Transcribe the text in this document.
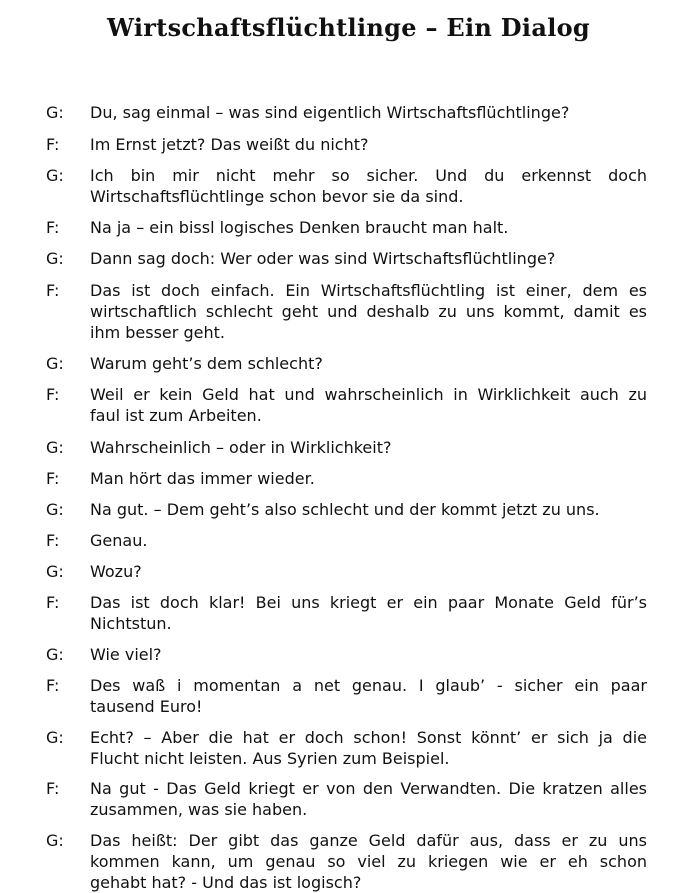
Wirtschaftsflüchtlinge – Ein Dialog
G:	Du, sag einmal – was sind eigentlich Wirtschaftsflüchtlinge?
F:	Im Ernst jetzt? Das weißt du nicht?
G:	Ich bin mir nicht mehr so sicher. Und du erkennst doch
Wirtschaftsflüchtlinge schon bevor sie da sind.
F:	Na ja – ein bissl logisches Denken braucht man halt.
G:	Dann sag doch: Wer oder was sind Wirtschaftsflüchtlinge?
F:	Das ist doch einfach. Ein Wirtschaftsflüchtling ist einer, dem es
wirtschaftlich schlecht geht und deshalb zu uns kommt, damit es
ihm besser geht.
G:	Warum geht’s dem schlecht?
F:	Weil er kein Geld hat und wahrscheinlich in Wirklichkeit auch zu
faul ist zum Arbeiten.
G:	Wahrscheinlich – oder in Wirklichkeit?
F:	Man hört das immer wieder.
G:	Na gut. – Dem geht’s also schlecht und der kommt jetzt zu uns.
F:	Genau.
G:	Wozu?
F:	Das ist doch klar! Bei uns kriegt er ein paar Monate Geld für’s
Nichtstun.
G:	Wie viel?
F:	Des waß i momentan a net genau. I glaub’ - sicher ein paar
tausend Euro!
G:	Echt? – Aber die hat er doch schon! Sonst könnt’ er sich ja die
Flucht nicht leisten. Aus Syrien zum Beispiel.
F:	Na gut - Das Geld kriegt er von den Verwandten. Die kratzen alles
zusammen, was sie haben.
G:	Das heißt: Der gibt das ganze Geld dafür aus, dass er zu uns
kommen kann, um genau so viel zu kriegen wie er eh schon
gehabt hat? - Und das ist logisch?
